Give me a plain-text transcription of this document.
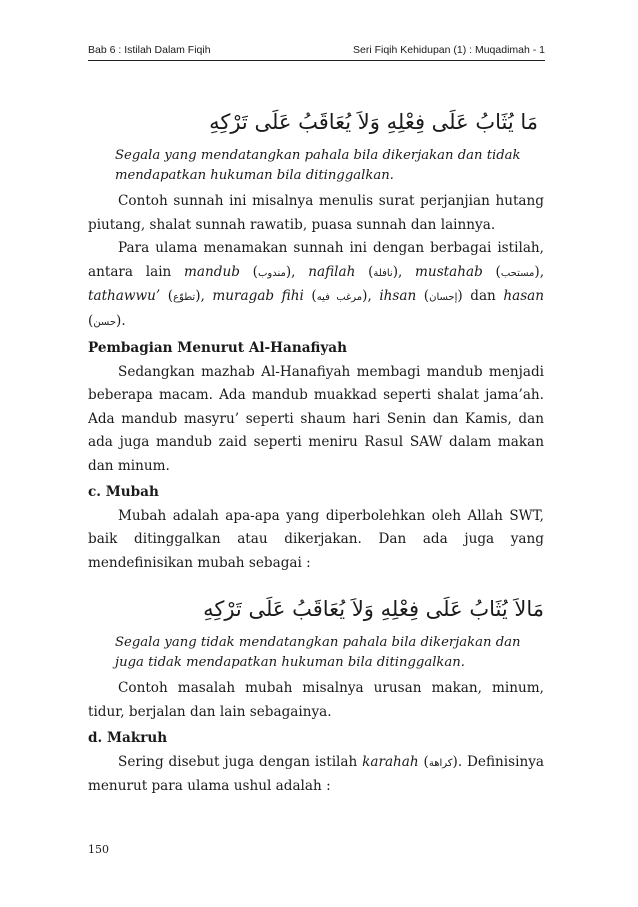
Bab 6 : Istilah Dalam Fiqih	Seri Fiqih Kehidupan (1) : Muqadimah - 1
مَا يُثَابُ عَلَى فِعْلِهِ وَلاَ يُعَاقَبُ عَلَى تَرْكِهِ

Segala yang mendatangkan pahala bila dikerjakan dan tidak mendapatkan hukuman bila ditinggalkan.

Contoh sunnah ini misalnya menulis surat perjanjian hutang piutang, shalat sunnah rawatib, puasa sunnah dan lainnya.

Para ulama menamakan sunnah ini dengan berbagai istilah, antara lain mandub (مندوب), nafilah (نافلة), mustahab (مستحب), tathawwu’ (تطوّع), muragab fihi (مرغب فيه), ihsan (إحسان) dan hasan (حسن).

Pembagian Menurut Al-Hanafiyah

Sedangkan mazhab Al-Hanafiyah membagi mandub menjadi beberapa macam. Ada mandub muakkad seperti shalat jama’ah. Ada mandub masyru’ seperti shaum hari Senin dan Kamis, dan ada juga mandub zaid seperti meniru Rasul SAW dalam makan dan minum.

c. Mubah

Mubah adalah apa-apa yang diperbolehkan oleh Allah SWT, baik ditinggalkan atau dikerjakan. Dan ada juga yang mendefinisikan mubah sebagai :

مَالاَ يُثَابُ عَلَى فِعْلِهِ وَلاَ يُعَاقَبُ عَلَى تَرْكِهِ

Segala yang tidak mendatangkan pahala bila dikerjakan dan juga tidak mendapatkan hukuman bila ditinggalkan.

Contoh masalah mubah misalnya urusan makan, minum, tidur, berjalan dan lain sebagainya.

d. Makruh

Sering disebut juga dengan istilah karahah (كراهة). Definisinya menurut para ulama ushul adalah :

150
